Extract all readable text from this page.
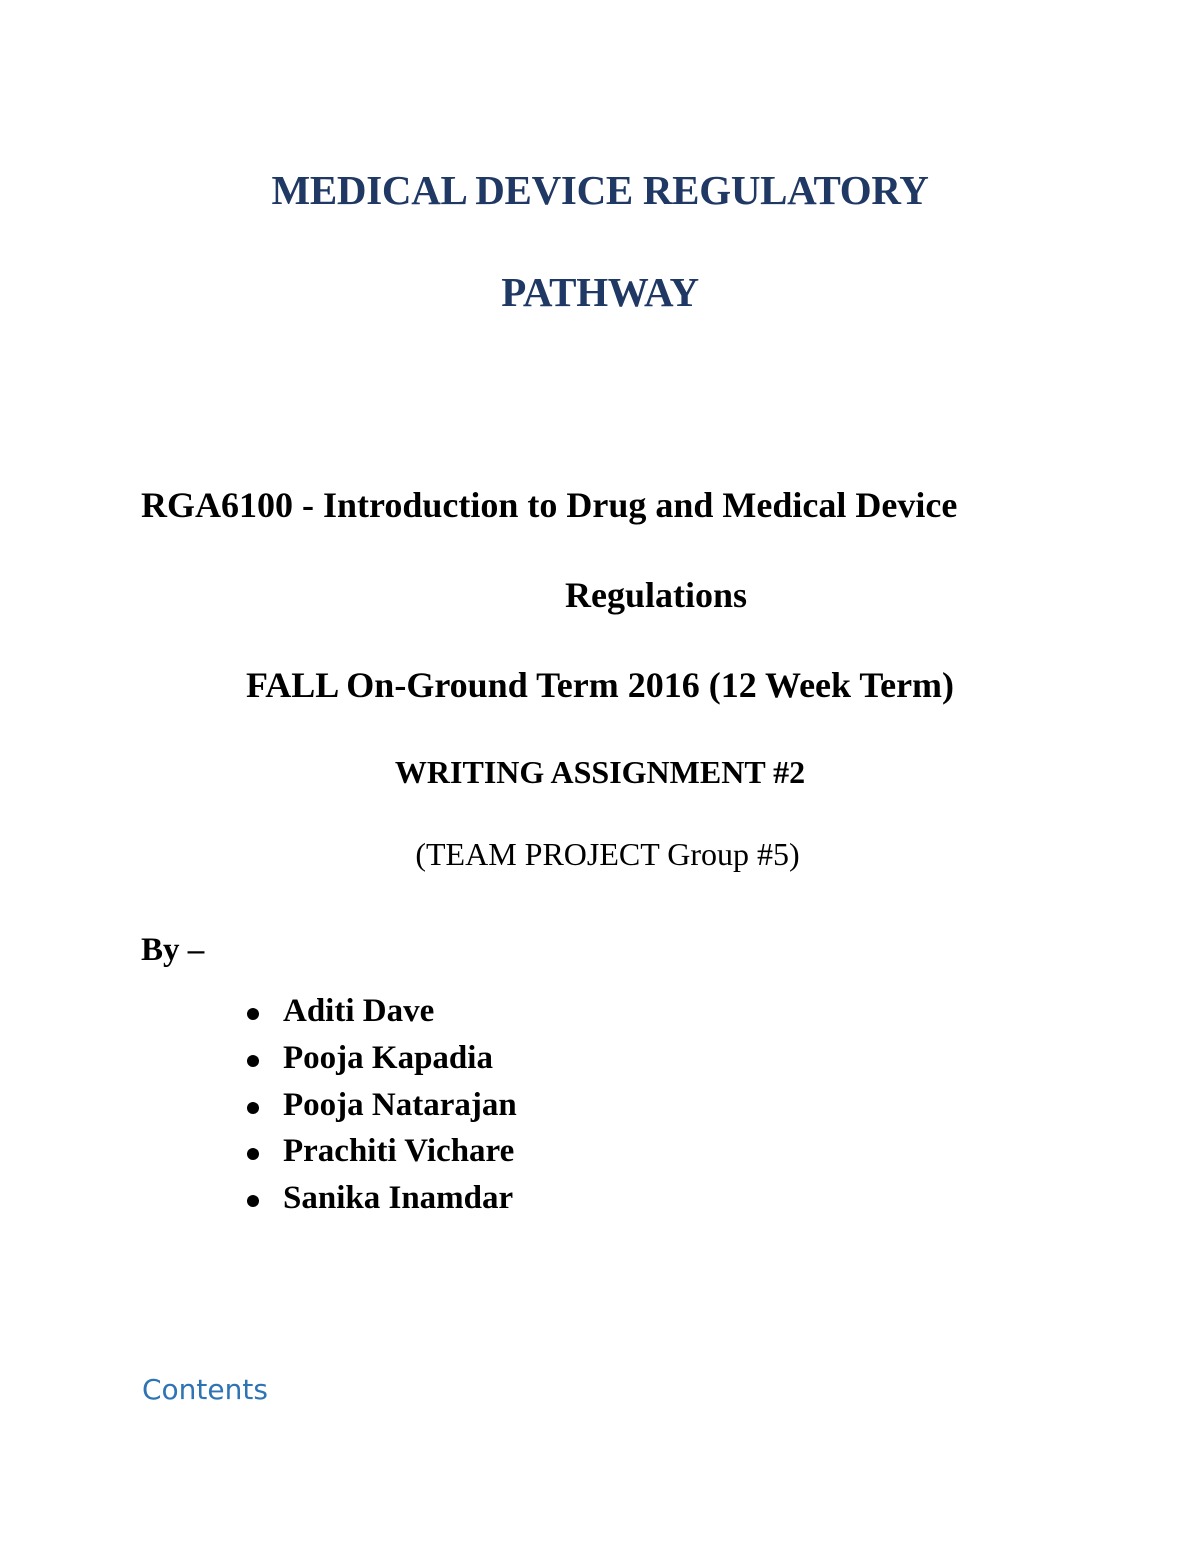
MEDICAL DEVICE REGULATORY
PATHWAY
RGA6100 - Introduction to Drug and Medical Device
Regulations
FALL On-Ground Term 2016 (12 Week Term)
WRITING ASSIGNMENT #2
(TEAM PROJECT Group #5)
By –
Aditi Dave
Pooja Kapadia
Pooja Natarajan
Prachiti Vichare
Sanika Inamdar
Contents
